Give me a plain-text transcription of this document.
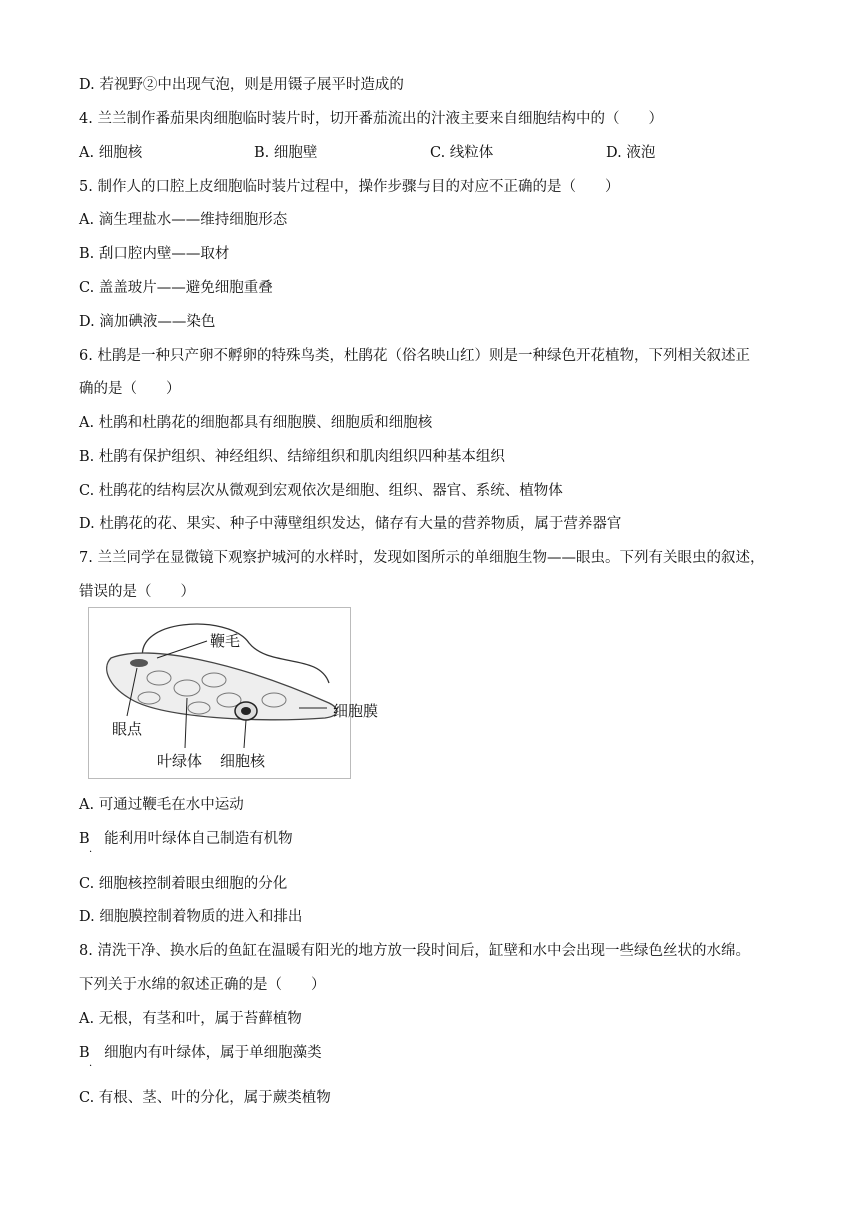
D. 若视野②中出现气泡，则是用镊子展平时造成的
4. 兰兰制作番茄果肉细胞临时装片时，切开番茄流出的汁液主要来自细胞结构中的（　　）
A. 细胞核	B. 细胞壁	C. 线粒体	D. 液泡
5. 制作人的口腔上皮细胞临时装片过程中，操作步骤与目的对应不正确的是（　　）
A. 滴生理盐水——维持细胞形态
B. 刮口腔内壁——取材
C. 盖盖玻片——避免细胞重叠
D. 滴加碘液——染色
6. 杜鹃是一种只产卵不孵卵的特殊鸟类，杜鹃花（俗名映山红）则是一种绿色开花植物，下列相关叙述正
确的是（　　）
A. 杜鹃和杜鹃花的细胞都具有细胞膜、细胞质和细胞核
B. 杜鹃有保护组织、神经组织、结缔组织和肌肉组织四种基本组织
C. 杜鹃花的结构层次从微观到宏观依次是细胞、组织、器官、系统、植物体
D. 杜鹃花的花、果实、种子中薄壁组织发达，储存有大量的营养物质，属于营养器官
7. 兰兰同学在显微镜下观察护城河的水样时，发现如图所示的单细胞生物——眼虫。下列有关眼虫的叙述，
错误的是（　　）
鞭毛
细胞膜
眼点
叶绿体 细胞核
A. 可通过鞭毛在水中运动
B　能利用叶绿体自己制造有机物
·
C. 细胞核控制着眼虫细胞的分化
D. 细胞膜控制着物质的进入和排出
8. 清洗干净、换水后的鱼缸在温暖有阳光的地方放一段时间后，缸壁和水中会出现一些绿色丝状的水绵。
下列关于水绵的叙述正确的是（　　）
A. 无根，有茎和叶，属于苔藓植物
B　细胞内有叶绿体，属于单细胞藻类
·
C. 有根、茎、叶的分化，属于蕨类植物
